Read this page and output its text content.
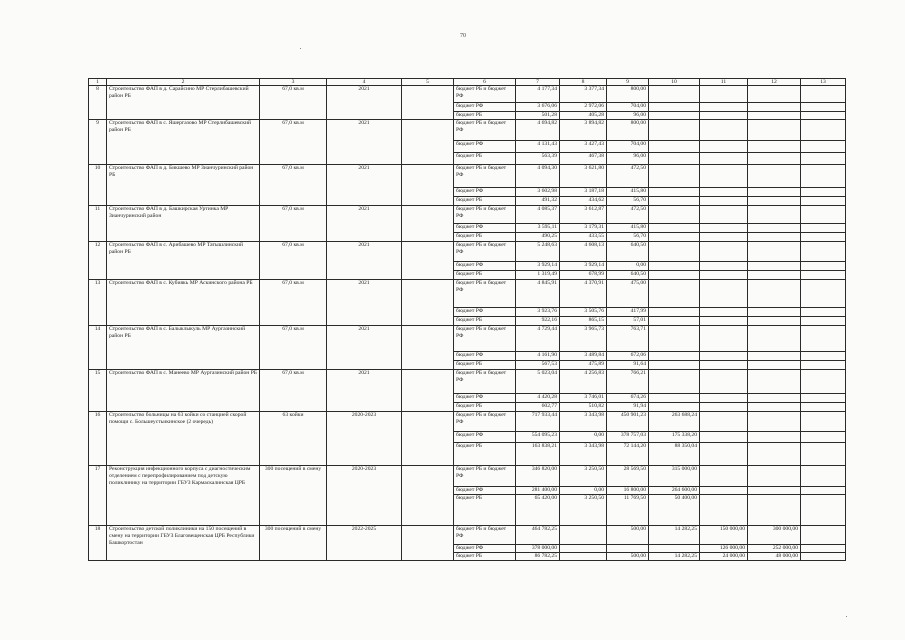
70
1	2	3	4	5	6	7	8	9	10	11	12	13
8	Строительство ФАП в д. Сарайсино МР Стерлибашевский район РБ	67,0 кв.м	2021		бюджет РБ и бюджет РФ	4 177,34	3 377,34	800,00				
					бюджет РФ	3 676,06	2 972,06	704,00				
					бюджет РБ	501,28	405,28	96,00				
9	Строительство ФАП в с. Яшергазово МР Стерлибашевский район РБ	67,0 кв.м	2021		бюджет РБ и бюджет РФ	4 694,82	3 894,82	800,00				
					бюджет РФ	4 131,43	3 427,43	704,00				
					бюджет РБ	563,39	467,38	96,00				
10	Строительство ФАП в д. Бикшево МР Зианчуринский район РБ	67,0 кв.м	2021		бюджет РБ и бюджет РФ	4 094,30	3 621,80	472,50				
					бюджет РФ	3 602,98	3 187,18	415,80				
					бюджет РБ	491,32	434,62	56,70				
11	Строительство ФАП в д. Башкирская Уртинка МР Зианчуринский район	67,0 кв.м	2021		бюджет РБ и бюджет РФ	4 085,37	3 612,87	472,50				
					бюджет РФ	3 595,11	3 179,31	415,80				
					бюджет РБ	490,25	433,55	56,70				
12	Строительство ФАП в с. Арибашево МР Татышлинский район РБ	67,0 кв.м	2021		бюджет РБ и бюджет РФ	5 248,63	4 608,13	640,50				
					бюджет РФ	3 929,14	3 929,14	0,00				
					бюджет РБ	1 319,49	678,99	640,50				
13	Строительство ФАП в с. Кубиякь МР Аскинского района РБ	67,0 кв.м	2021		бюджет РБ и бюджет РФ	4 845,91	4 370,91	475,00				
					бюджет РФ	3 923,76	3 505,76	417,99				
					бюджет РБ	922,16	865,15	57,01				
14	Строительство ФАП в с. Балыклыкуль МР Аургазинский район РБ	67,0 кв.м	2021		бюджет РБ и бюджет РФ	4 729,44	3 965,73	763,71				
					бюджет РФ	4 161,90	3 489,84	672,06				
					бюджет РБ	567,53	475,89	91,64				
15	Строительство ФАП в с. Манеево МР Аургазинский район РБ	67,0 кв.м	2021		бюджет РБ и бюджет РФ	5 023,04	4 256,83	766,21				
					бюджет РФ	4 420,28	3 746,01	674,26				
					бюджет РБ	602,77	510,82	91,94				
16	Строительство больницы на 63 койки со станцией скорой помощи с. Большеустьикинское (2 очередь)	63 койки	2020-2023		бюджет РБ и бюджет РФ	717 933,44	3 343,98	450 901,23	263 688,24			
					бюджет РФ	554 095,23	0,00	378 757,03	175 338,20			
					бюджет РБ	163 838,21	3 343,98	72 144,20	88 350,04			
17	Реконструкция инфекционного корпуса с диагностическим отделением с перепрофилированием под детскую поликлинику на территории ГБУЗ Кармаскалинская ЦРБ	300 посещений в смену	2020-2023		бюджет РБ и бюджет РФ	346 820,00	3 250,50	28 569,50	315 000,00			
					бюджет РФ	281 400,00	0,00	16 800,00	264 600,00			
					бюджет РБ	65 420,00	3 250,50	11 769,50	50 400,00			
18	Строительство детской поликлиники на 150 посещений в смену на территории ГБУЗ Благовещенская ЦРБ Республики Башкортостан	300 посещений в смену	2022-2025		бюджет РБ и бюджет РФ	464 782,25		500,00	14 282,25	150 000,00	300 000,00	
					бюджет РФ	378 000,00				126 000,00	252 000,00	
					бюджет РБ	86 782,25		500,00	14 282,25	24 000,00	48 000,00	
